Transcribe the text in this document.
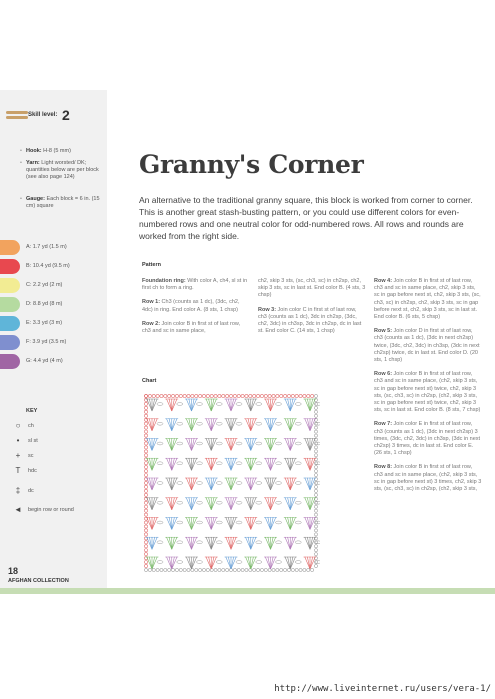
Skill level: 2
• Hook: H-8 (5 mm)
• Yarn: Light worsted/ DK; quantities below are per block (see also page 124)
• Gauge: Each block = 6 in. (15 cm) square
A: 1.7 yd (1.5 m)
B: 10.4 yd (9.5 m)
C: 2.2 yd (2 m)
D: 8.8 yd (8 m)
E: 3.3 yd (3 m)
F: 3.9 yd (3.5 m)
G: 4.4 yd (4 m)
KEY
○	ch
•	sl st
+	sc
T	hdc
‡	dc
◄	begin row or round
Granny's Corner
An alternative to the traditional granny square, this block is worked from corner to corner. This is another great stash-busting pattern, or you could use different colors for even-numbered rows and one neutral color for odd-numbered rows. All rows and rounds are worked from the right side.
Pattern

Foundation ring: With color A, ch4, sl st in first ch to form a ring.

Row 1: Ch3 (counts as 1 dc), (3dc, ch2, 4dc) in ring. End color A. (8 sts, 1 chsp)

Row 2: Join color B in first st of last row, ch3 and sc in same place,

ch2, skip 3 sts, (sc, ch3, sc) in ch2sp, ch2, skip 3 sts, sc in last st. End color B. (4 sts, 3 chsp)

Row 3: Join color C in first st of last row, ch3 (counts as 1 dc), 3dc in ch2sp, (3dc, ch2, 3dc) in ch3sp, 3dc in ch2sp, dc in last st. End color C. (14 sts, 1 chsp)

Row 4: Join color B in first st of last row, ch3 and sc in same place, ch2, skip 3 sts, sc in gap before next st, ch2, skip 3 sts, (sc, ch3, sc) in ch2sp, ch2, skip 3 sts, sc in gap before next st, ch2, skip 3 sts, sc in last st. End color B. (6 sts, 5 chsp)

Row 5: Join color D in first st of last row, ch3 (counts as 1 dc), (3dc in next ch2sp) twice, (3dc, ch2, 3dc) in ch3sp, (3dc in next ch2sp) twice, dc in last st. End color D. (20 sts, 1 chsp)

Row 6: Join color B in first st of last row, ch3 and sc in same place, (ch2, skip 3 sts, sc in gap before next st) twice, ch2, skip 3 sts, (sc, ch3, sc) in ch2sp, (ch2, skip 3 sts, sc in gap before next st) twice, ch2, skip 3 sts, sc in last st. End color B. (8 sts, 7 chsp)

Row 7: Join color E in first st of last row, ch3 (counts as 1 dc), (3dc in next ch2sp) 3 times, (3dc, ch2, 3dc) in ch3sp, (3dc in next ch2sp) 3 times, dc in last st. End color E. (26 sts, 1 chsp)

Row 8: Join color B in first st of last row, ch3 and sc in same place, (ch2, skip 3 sts, sc in gap before next st) 3 times, ch2, skip 3 sts, (sc, ch3, sc) in ch2sp, (ch2, skip 3 sts,

Chart
18
AFGHAN COLLECTION
http://www.liveinternet.ru/users/vera-1/
